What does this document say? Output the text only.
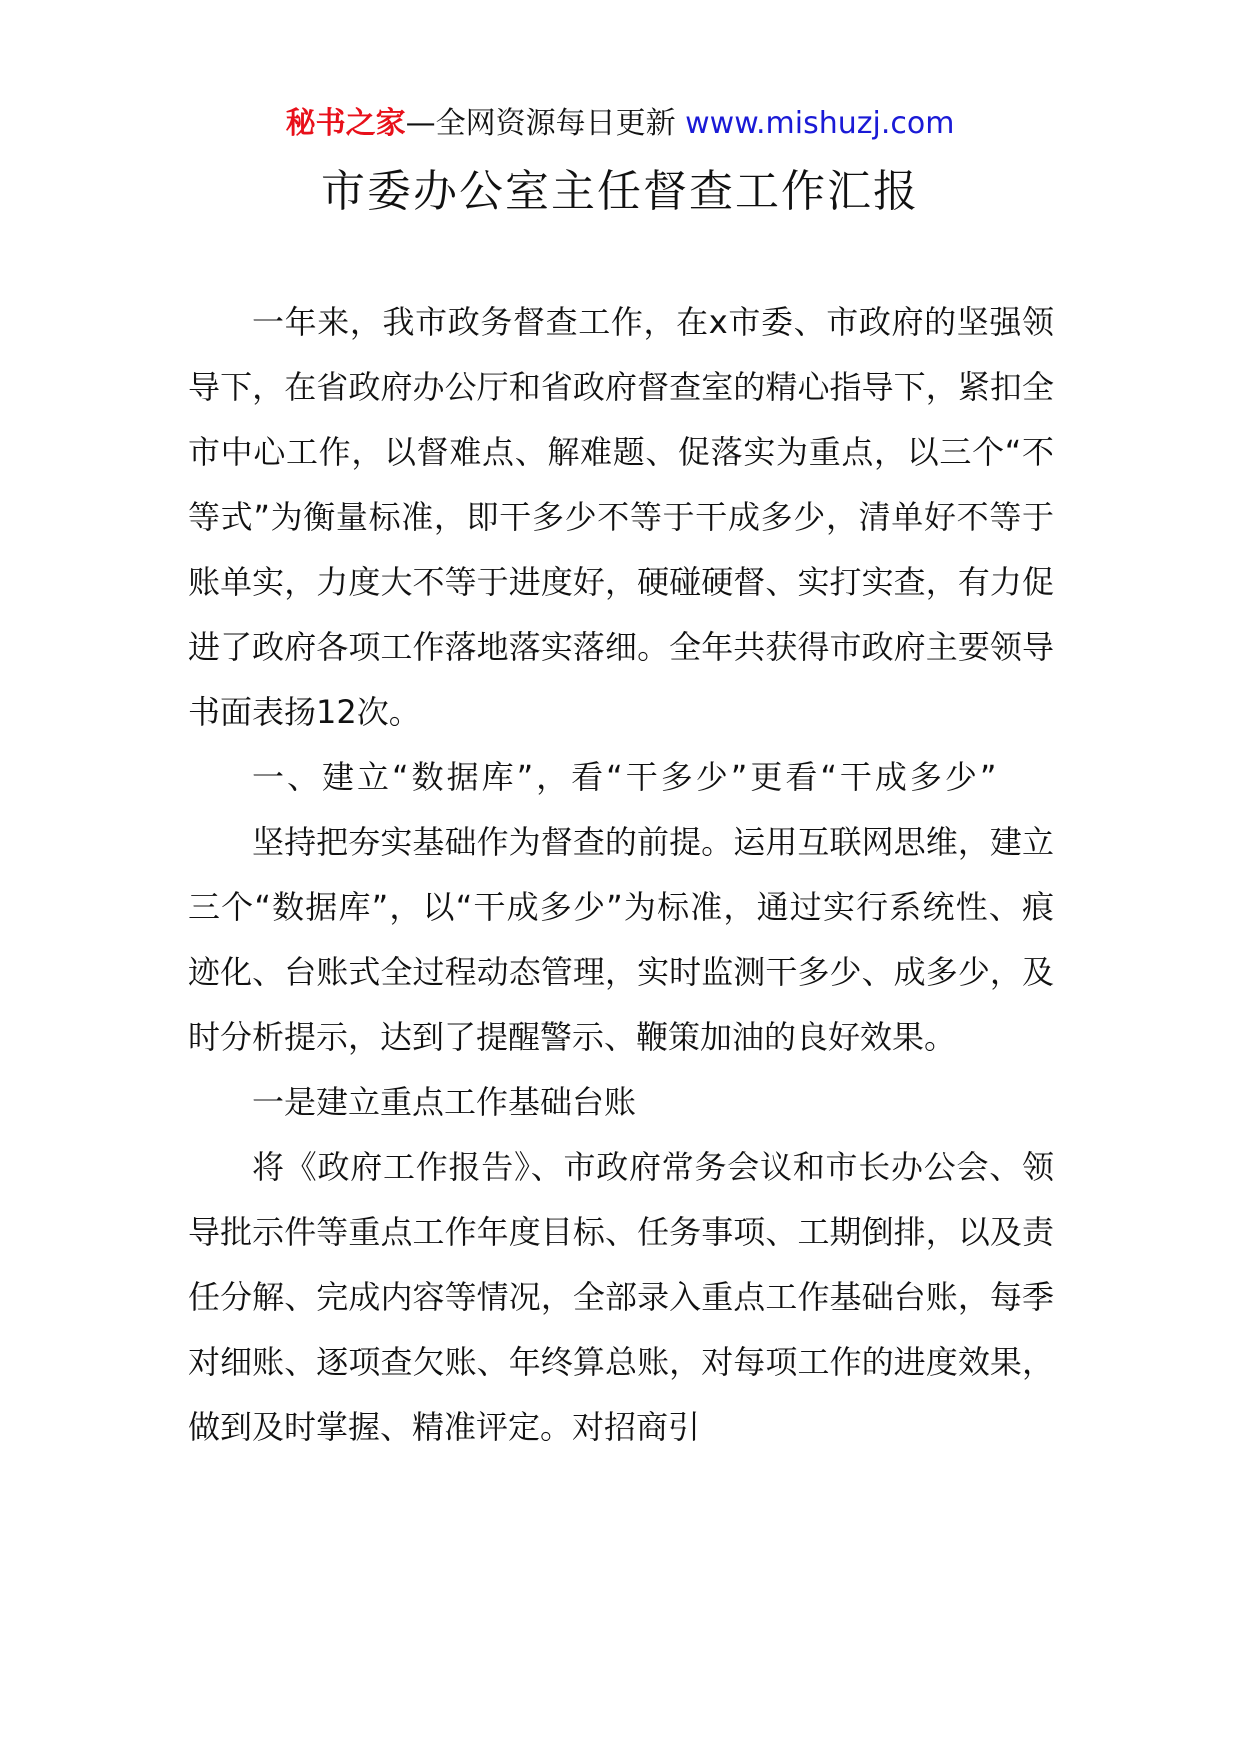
秘书之家—全网资源每日更新 www.mishuzj.com
市委办公室主任督查工作汇报

一年来，我市政务督查工作，在x市委、市政府的坚强领导下，在省政府办公厅和省政府督查室的精心指导下，紧扣全市中心工作，以督难点、解难题、促落实为重点，以三个“不等式”为衡量标准，即干多少不等于干成多少，清单好不等于账单实，力度大不等于进度好，硬碰硬督、实打实查，有力促进了政府各项工作落地落实落细。全年共获得市政府主要领导书面表扬12次。

一、建立“数据库”，看“干多少”更看“干成多少”

坚持把夯实基础作为督查的前提。运用互联网思维，建立三个“数据库”，以“干成多少”为标准，通过实行系统性、痕迹化、台账式全过程动态管理，实时监测干多少、成多少，及时分析提示，达到了提醒警示、鞭策加油的良好效果。

一是建立重点工作基础台账

将《政府工作报告》、市政府常务会议和市长办公会、领导批示件等重点工作年度目标、任务事项、工期倒排，以及责任分解、完成内容等情况，全部录入重点工作基础台账，每季对细账、逐项查欠账、年终算总账，对每项工作的进度效果，做到及时掌握、精准评定。对招商引
